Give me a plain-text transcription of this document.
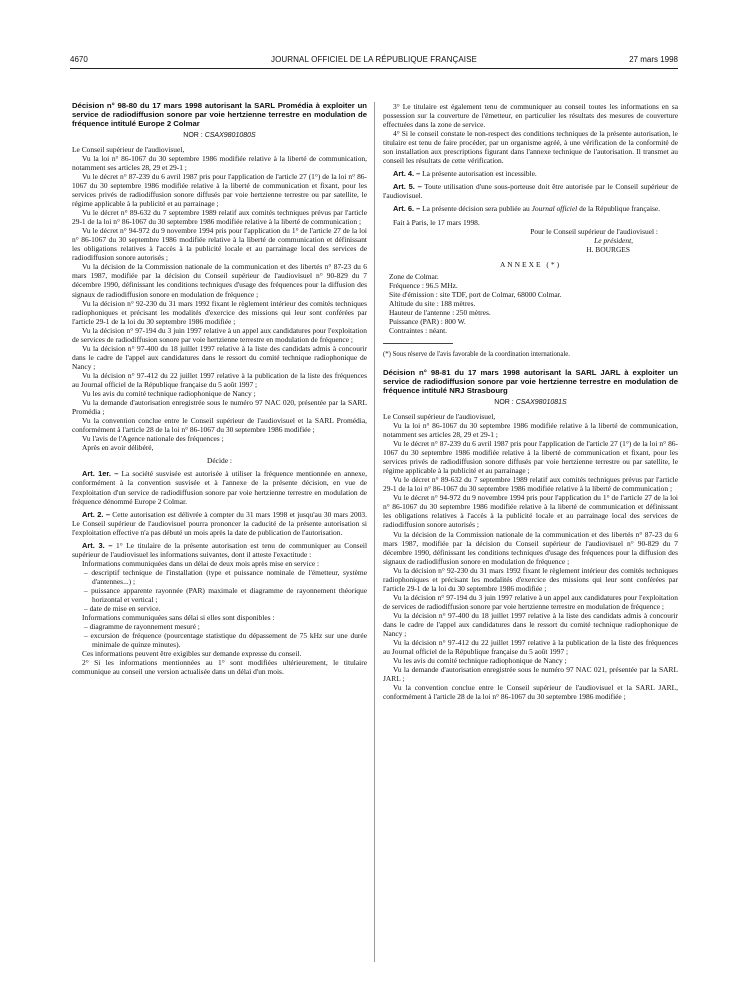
4670	JOURNAL OFFICIEL DE LA RÉPUBLIQUE FRANÇAISE	27 mars 1998

Décision n° 98-80 du 17 mars 1998 autorisant la SARL Promédia à exploiter un service de radiodiffusion sonore par voie hertzienne terrestre en modulation de fréquence intitulé Europe 2 Colmar

NOR : CSAX9801080S

Le Conseil supérieur de l'audiovisuel,

Vu la loi n° 86-1067 du 30 septembre 1986 modifiée relative à la liberté de communication, notamment ses articles 28, 29 et 29-1 ;

Vu le décret n° 87-239 du 6 avril 1987 pris pour l'application de l'article 27 (1°) de la loi n° 86-1067 du 30 septembre 1986 modifiée relative à la liberté de communication et fixant, pour les services privés de radiodiffusion sonore diffusés par voie hertzienne terrestre ou par satellite, le régime applicable à la publicité et au parrainage ;

Vu le décret n° 89-632 du 7 septembre 1989 relatif aux comités techniques prévus par l'article 29-1 de la loi n° 86-1067 du 30 septembre 1986 modifiée relative à la liberté de communication ;

Vu le décret n° 94-972 du 9 novembre 1994 pris pour l'application du 1° de l'article 27 de la loi n° 86-1067 du 30 septembre 1986 modifiée relative à la liberté de communication et définissant les obligations relatives à l'accès à la publicité locale et au parrainage local des services de radiodiffusion sonore autorisés ;

Vu la décision de la Commission nationale de la communication et des libertés n° 87-23 du 6 mars 1987, modifiée par la décision du Conseil supérieur de l'audiovisuel n° 90-829 du 7 décembre 1990, définissant les conditions techniques d'usage des fréquences pour la diffusion des signaux de radiodiffusion sonore en modulation de fréquence ;

Vu la décision n° 92-230 du 31 mars 1992 fixant le règlement intérieur des comités techniques radiophoniques et précisant les modalités d'exercice des missions qui leur sont conférées par l'article 29-1 de la loi du 30 septembre 1986 modifiée ;

Vu la décision n° 97-194 du 3 juin 1997 relative à un appel aux candidatures pour l'exploitation de services de radiodiffusion sonore par voie hertzienne terrestre en modulation de fréquence ;

Vu la décision n° 97-400 du 18 juillet 1997 relative à la liste des candidats admis à concourir dans le cadre de l'appel aux candidatures dans le ressort du comité technique radiophonique de Nancy ;

Vu la décision n° 97-412 du 22 juillet 1997 relative à la publication de la liste des fréquences au Journal officiel de la République française du 5 août 1997 ;

Vu les avis du comité technique radiophonique de Nancy ;

Vu la demande d'autorisation enregistrée sous le numéro 97 NAC 020, présentée par la SARL Promédia ;

Vu la convention conclue entre le Conseil supérieur de l'audiovisuel et la SARL Promédia, conformément à l'article 28 de la loi n° 86-1067 du 30 septembre 1986 modifiée ;

Vu l'avis de l'Agence nationale des fréquences ;

Après en avoir délibéré,

Décide :

Art. 1er. – La société susvisée est autorisée à utiliser la fréquence mentionnée en annexe, conformément à la convention susvisée et à l'annexe de la présente décision, en vue de l'exploitation d'un service de radiodiffusion sonore par voie hertzienne terrestre en modulation de fréquence dénommé Europe 2 Colmar.

Art. 2. – Cette autorisation est délivrée à compter du 31 mars 1998 et jusqu'au 30 mars 2003. Le Conseil supérieur de l'audiovisuel pourra prononcer la caducité de la présente autorisation si l'exploitation effective n'a pas débuté un mois après la date de publication de l'autorisation.

Art. 3. – 1° Le titulaire de la présente autorisation est tenu de communiquer au Conseil supérieur de l'audiovisuel les informations suivantes, dont il atteste l'exactitude :

Informations communiquées dans un délai de deux mois après mise en service :

– descriptif technique de l'installation (type et puissance nominale de l'émetteur, système d'antennes...) ;

– puissance apparente rayonnée (PAR) maximale et diagramme de rayonnement théorique horizontal et vertical ;

– date de mise en service.

Informations communiquées sans délai si elles sont disponibles :

– diagramme de rayonnement mesuré ;

– excursion de fréquence (pourcentage statistique du dépassement de 75 kHz sur une durée minimale de quinze minutes).

Ces informations peuvent être exigibles sur demande expresse du conseil.

2° Si les informations mentionnées au 1° sont modifiées ultérieurement, le titulaire communique au conseil une version actualisée dans un délai d'un mois.

3° Le titulaire est également tenu de communiquer au conseil toutes les informations en sa possession sur la couverture de l'émetteur, en particulier les résultats des mesures de couverture effectuées dans la zone de service.

4° Si le conseil constate le non-respect des conditions techniques de la présente autorisation, le titulaire est tenu de faire procéder, par un organisme agréé, à une vérification de la conformité de son installation aux prescriptions figurant dans l'annexe technique de l'autorisation. Il transmet au conseil les résultats de cette vérification.

Art. 4. – La présente autorisation est incessible.

Art. 5. – Toute utilisation d'une sous-porteuse doit être autorisée par le Conseil supérieur de l'audiovisuel.

Art. 6. – La présente décision sera publiée au Journal officiel de la République française.

Fait à Paris, le 17 mars 1998.

Pour le Conseil supérieur de l'audiovisuel :

Le président,

H. BOURGES

ANNEXE (*)

Zone de Colmar.

Fréquence : 96.5 MHz.

Site d'émission : site TDF, port de Colmar, 68000 Colmar.

Altitude du site : 188 mètres.

Hauteur de l'antenne : 250 mètres.

Puissance (PAR) : 800 W.

Contraintes : néant.

(*) Sous réserve de l'avis favorable de la coordination internationale.

Décision n° 98-81 du 17 mars 1998 autorisant la SARL JARL à exploiter un service de radiodiffusion sonore par voie hertzienne terrestre en modulation de fréquence intitulé NRJ Strasbourg

NOR : CSAX9801081S

Le Conseil supérieur de l'audiovisuel,

Vu la loi n° 86-1067 du 30 septembre 1986 modifiée relative à la liberté de communication, notamment ses articles 28, 29 et 29-1 ;

Vu le décret n° 87-239 du 6 avril 1987 pris pour l'application de l'article 27 (1°) de la loi n° 86-1067 du 30 septembre 1986 modifiée relative à la liberté de communication et fixant, pour les services privés de radiodiffusion sonore diffusés par voie hertzienne terrestre ou par satellite, le régime applicable à la publicité et au parrainage ;

Vu le décret n° 89-632 du 7 septembre 1989 relatif aux comités techniques prévus par l'article 29-1 de la loi n° 86-1067 du 30 septembre 1986 modifiée relative à la liberté de communication ;

Vu le décret n° 94-972 du 9 novembre 1994 pris pour l'application du 1° de l'article 27 de la loi n° 86-1067 du 30 septembre 1986 modifiée relative à la liberté de communication et définissant les obligations relatives à l'accès à la publicité locale et au parrainage local des services de radiodiffusion sonore autorisés ;

Vu la décision de la Commission nationale de la communication et des libertés n° 87-23 du 6 mars 1987, modifiée par la décision du Conseil supérieur de l'audiovisuel n° 90-829 du 7 décembre 1990, définissant les conditions techniques d'usage des fréquences pour la diffusion des signaux de radiodiffusion sonore en modulation de fréquence ;

Vu la décision n° 92-230 du 31 mars 1992 fixant le règlement intérieur des comités techniques radiophoniques et précisant les modalités d'exercice des missions qui leur sont conférées par l'article 29-1 de la loi du 30 septembre 1986 modifiée ;

Vu la décision n° 97-194 du 3 juin 1997 relative à un appel aux candidatures pour l'exploitation de services de radiodiffusion sonore par voie hertzienne terrestre en modulation de fréquence ;

Vu la décision n° 97-400 du 18 juillet 1997 relative à la liste des candidats admis à concourir dans le cadre de l'appel aux candidatures dans le ressort du comité technique radiophonique de Nancy ;

Vu la décision n° 97-412 du 22 juillet 1997 relative à la publication de la liste des fréquences au Journal officiel de la République française du 5 août 1997 ;

Vu les avis du comité technique radiophonique de Nancy ;

Vu la demande d'autorisation enregistrée sous le numéro 97 NAC 021, présentée par la SARL JARL ;

Vu la convention conclue entre le Conseil supérieur de l'audiovisuel et la SARL JARL, conformément à l'article 28 de la loi n° 86-1067 du 30 septembre 1986 modifiée ;
